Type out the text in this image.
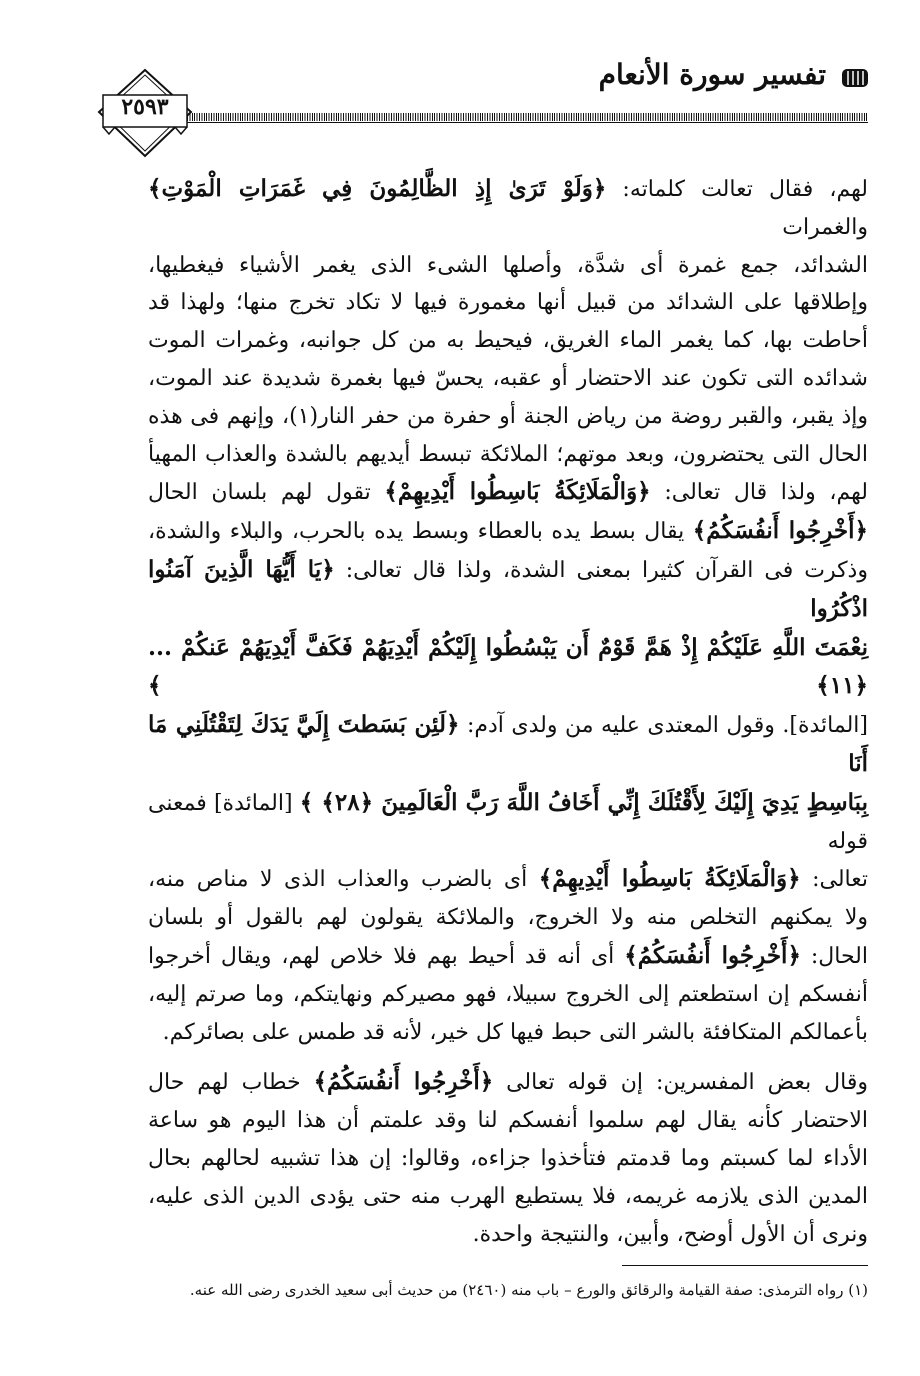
تفسير سورة الأنعام
٢٥٩٣

لهم، فقال تعالت كلماته: ﴿وَلَوْ تَرَىٰ إِذِ الظَّالِمُونَ فِي غَمَرَاتِ الْمَوْتِ﴾ والغمرات

الشدائد، جمع غمرة أى شدَّة، وأصلها الشىء الذى يغمر الأشياء فيغطيها،

وإطلاقها على الشدائد من قبيل أنها مغمورة فيها لا تكاد تخرج منها؛ ولهذا قد

أحاطت بها، كما يغمر الماء الغريق، فيحيط به من كل جوانبه، وغمرات الموت

شدائده التى تكون عند الاحتضار أو عقبه، يحسّ فيها بغمرة شديدة عند الموت،

وإذ يقبر، والقبر روضة من رياض الجنة أو حفرة من حفر النار(١)، وإنهم فى هذه

الحال التى يحتضرون، وبعد موتهم؛ الملائكة تبسط أيديهم بالشدة والعذاب المهيأ

لهم، ولذا قال تعالى: ﴿وَالْمَلَائِكَةُ بَاسِطُوا أَيْدِيهِمْ﴾ تقول لهم بلسان الحال

﴿أَخْرِجُوا أَنفُسَكُمُ﴾ يقال بسط يده بالعطاء وبسط يده بالحرب، والبلاء والشدة،

وذكرت فى القرآن كثيرا بمعنى الشدة، ولذا قال تعالى: ﴿يَا أَيُّهَا الَّذِينَ آمَنُوا اذْكُرُوا

نِعْمَتَ اللَّهِ عَلَيْكُمْ إِذْ هَمَّ قَوْمٌ أَن يَبْسُطُوا إِلَيْكُمْ أَيْدِيَهُمْ فَكَفَّ أَيْدِيَهُمْ عَنكُمْ ... ﴿١١﴾ ﴾

[المائدة]. وقول المعتدى عليه من ولدى آدم: ﴿لَئِن بَسَطتَ إِلَيَّ يَدَكَ لِتَقْتُلَنِي مَا أَنَا

بِبَاسِطٍ يَدِيَ إِلَيْكَ لِأَقْتُلَكَ إِنِّي أَخَافُ اللَّهَ رَبَّ الْعَالَمِينَ ﴿٢٨﴾ ﴾ [المائدة] فمعنى قوله

تعالى: ﴿وَالْمَلَائِكَةُ بَاسِطُوا أَيْدِيهِمْ﴾ أى بالضرب والعذاب الذى لا مناص منه،

ولا يمكنهم التخلص منه ولا الخروج، والملائكة يقولون لهم بالقول أو بلسان

الحال: ﴿أَخْرِجُوا أَنفُسَكُمُ﴾ أى أنه قد أحيط بهم فلا خلاص لهم، ويقال أخرجوا

أنفسكم إن استطعتم إلى الخروج سبيلا، فهو مصيركم ونهايتكم، وما صرتم إليه،

بأعمالكم المتكافئة بالشر التى حبط فيها كل خير، لأنه قد طمس على بصائركم.

وقال بعض المفسرين: إن قوله تعالى ﴿أَخْرِجُوا أَنفُسَكُمُ﴾ خطاب لهم حال

الاحتضار كأنه يقال لهم سلموا أنفسكم لنا وقد علمتم أن هذا اليوم هو ساعة

الأداء لما كسبتم وما قدمتم فتأخذوا جزاءه، وقالوا: إن هذا تشبيه لحالهم بحال

المدين الذى يلازمه غريمه، فلا يستطيع الهرب منه حتى يؤدى الدين الذى عليه،

ونرى أن الأول أوضح، وأبين، والنتيجة واحدة.

(١) رواه الترمذى: صفة القيامة والرقائق والورع – باب منه (٢٤٦٠) من حديث أبى سعيد الخدرى رضى الله عنه.
